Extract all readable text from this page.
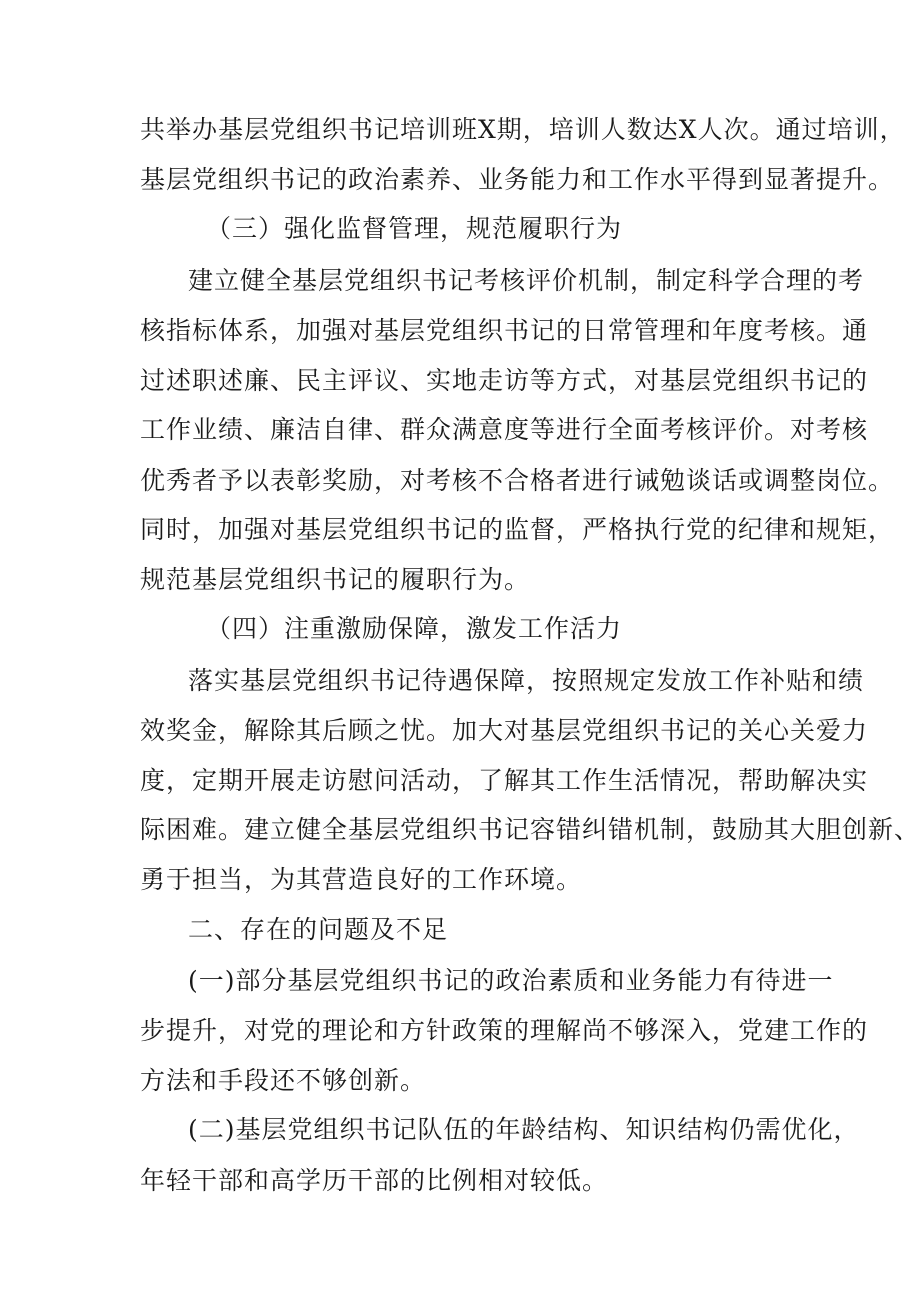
共举办基层党组织书记培训班X期，培训人数达X人次。通过培训，
基层党组织书记的政治素养、业务能力和工作水平得到显著提升。
（三）强化监督管理，规范履职行为
建立健全基层党组织书记考核评价机制，制定科学合理的考
核指标体系，加强对基层党组织书记的日常管理和年度考核。通
过述职述廉、民主评议、实地走访等方式，对基层党组织书记的
工作业绩、廉洁自律、群众满意度等进行全面考核评价。对考核
优秀者予以表彰奖励，对考核不合格者进行诫勉谈话或调整岗位。
同时，加强对基层党组织书记的监督，严格执行党的纪律和规矩，
规范基层党组织书记的履职行为。
（四）注重激励保障，激发工作活力
落实基层党组织书记待遇保障，按照规定发放工作补贴和绩
效奖金，解除其后顾之忧。加大对基层党组织书记的关心关爱力
度，定期开展走访慰问活动，了解其工作生活情况，帮助解决实
际困难。建立健全基层党组织书记容错纠错机制，鼓励其大胆创新、
勇于担当，为其营造良好的工作环境。
二、存在的问题及不足
(一)部分基层党组织书记的政治素质和业务能力有待进一
步提升，对党的理论和方针政策的理解尚不够深入，党建工作的
方法和手段还不够创新。
(二)基层党组织书记队伍的年龄结构、知识结构仍需优化，
年轻干部和高学历干部的比例相对较低。
